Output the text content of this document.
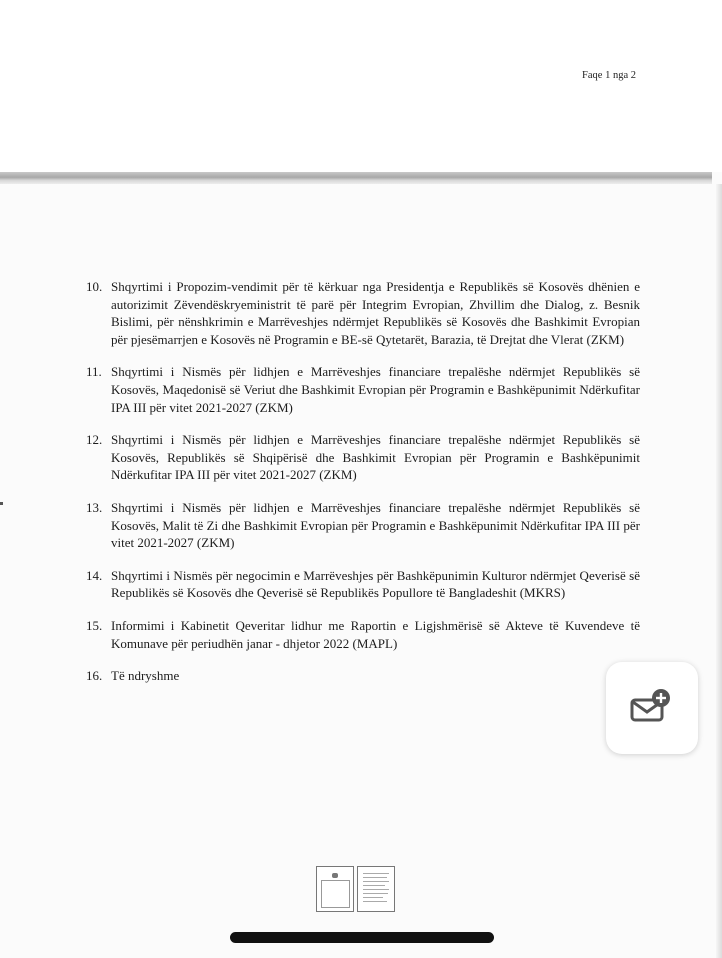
Faqe 1 nga 2
10. Shqyrtimi i Propozim-vendimit për të kërkuar nga Presidentja e Republikës së Kosovës dhënien e autorizimit Zëvendëskryeministrit të parë për Integrim Evropian, Zhvillim dhe Dialog, z. Besnik Bislimi, për nënshkrimin e Marrëveshjes ndërmjet Republikës së Kosovës dhe Bashkimit Evropian për pjesëmarrjen e Kosovës në Programin e BE-së Qytetarët, Barazia, të Drejtat dhe Vlerat (ZKM)
11. Shqyrtimi i Nismës për lidhjen e Marrëveshjes financiare trepalëshe ndërmjet Republikës së Kosovës, Maqedonisë së Veriut dhe Bashkimit Evropian për Programin e Bashkëpunimit Ndërkufitar IPA III për vitet 2021-2027 (ZKM)
12. Shqyrtimi i Nismës për lidhjen e Marrëveshjes financiare trepalëshe ndërmjet Republikës së Kosovës, Republikës së Shqipërisë dhe Bashkimit Evropian për Programin e Bashkëpunimit Ndërkufitar IPA III për vitet 2021-2027 (ZKM)
13. Shqyrtimi i Nismës për lidhjen e Marrëveshjes financiare trepalëshe ndërmjet Republikës së Kosovës, Malit të Zi dhe Bashkimit Evropian për Programin e Bashkëpunimit Ndërkufitar IPA III për vitet 2021-2027 (ZKM)
14. Shqyrtimi i Nismës për negocimin e Marrëveshjes për Bashkëpunimin Kulturor ndërmjet Qeverisë së Republikës së Kosovës dhe Qeverisë së Republikës Popullore të Bangladeshit (MKRS)
15. Informimi i Kabinetit Qeveritar lidhur me Raportin e Ligjshmërisë së Akteve të Kuvendeve të Komunave për periudhën janar - dhjetor 2022 (MAPL)
16. Të ndryshme
